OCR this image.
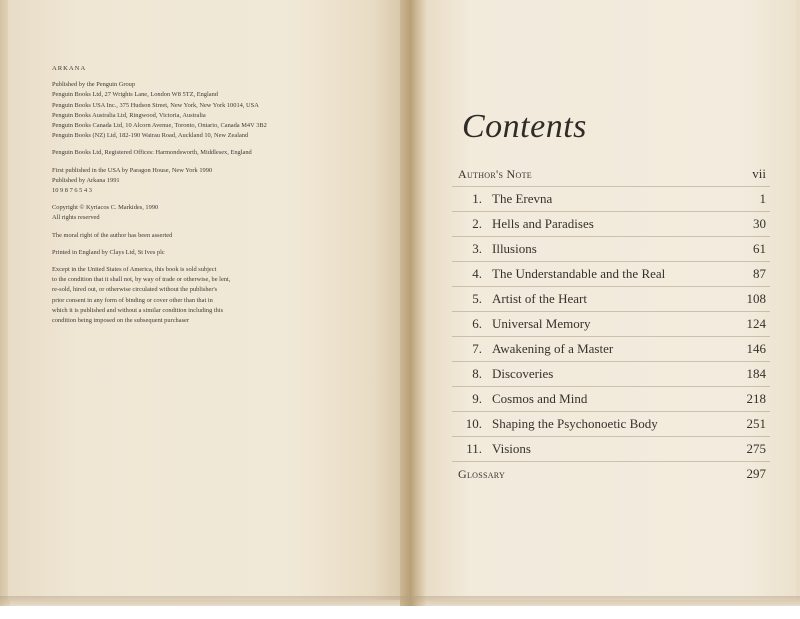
ARKANA
Published by the Penguin Group
Penguin Books Ltd, 27 Wrights Lane, London W8 5TZ, England
Penguin Books USA Inc., 375 Hudson Street, New York, New York 10014, USA
Penguin Books Australia Ltd, Ringwood, Victoria, Australia
Penguin Books Canada Ltd, 10 Alcorn Avenue, Toronto, Ontario, Canada M4V 3B2
Penguin Books (NZ) Ltd, 182-190 Wairau Road, Auckland 10, New Zealand
Penguin Books Ltd, Registered Offices: Harmondsworth, Middlesex, England
First published in the USA by Paragon House, New York 1990
Published by Arkana 1991
10 9 8 7 6 5 4 3
Copyright © Kyriacos C. Markides, 1990
All rights reserved
The moral right of the author has been asserted
Printed in England by Clays Ltd, St Ives plc
Except in the United States of America, this book is sold subject
to the condition that it shall not, by way of trade or otherwise, be lent,
re-sold, hired out, or otherwise circulated without the publisher's
prior consent in any form of binding or cover other than that in
which it is published and without a similar condition including this
condition being imposed on the subsequent purchaser
Contents
Author's Note	vii
1. The Erevna	1
2. Hells and Paradises	30
3. Illusions	61
4. The Understandable and the Real	87
5. Artist of the Heart	108
6. Universal Memory	124
7. Awakening of a Master	146
8. Discoveries	184
9. Cosmos and Mind	218
10. Shaping the Psychonoetic Body	251
11. Visions	275
Glossary	297
